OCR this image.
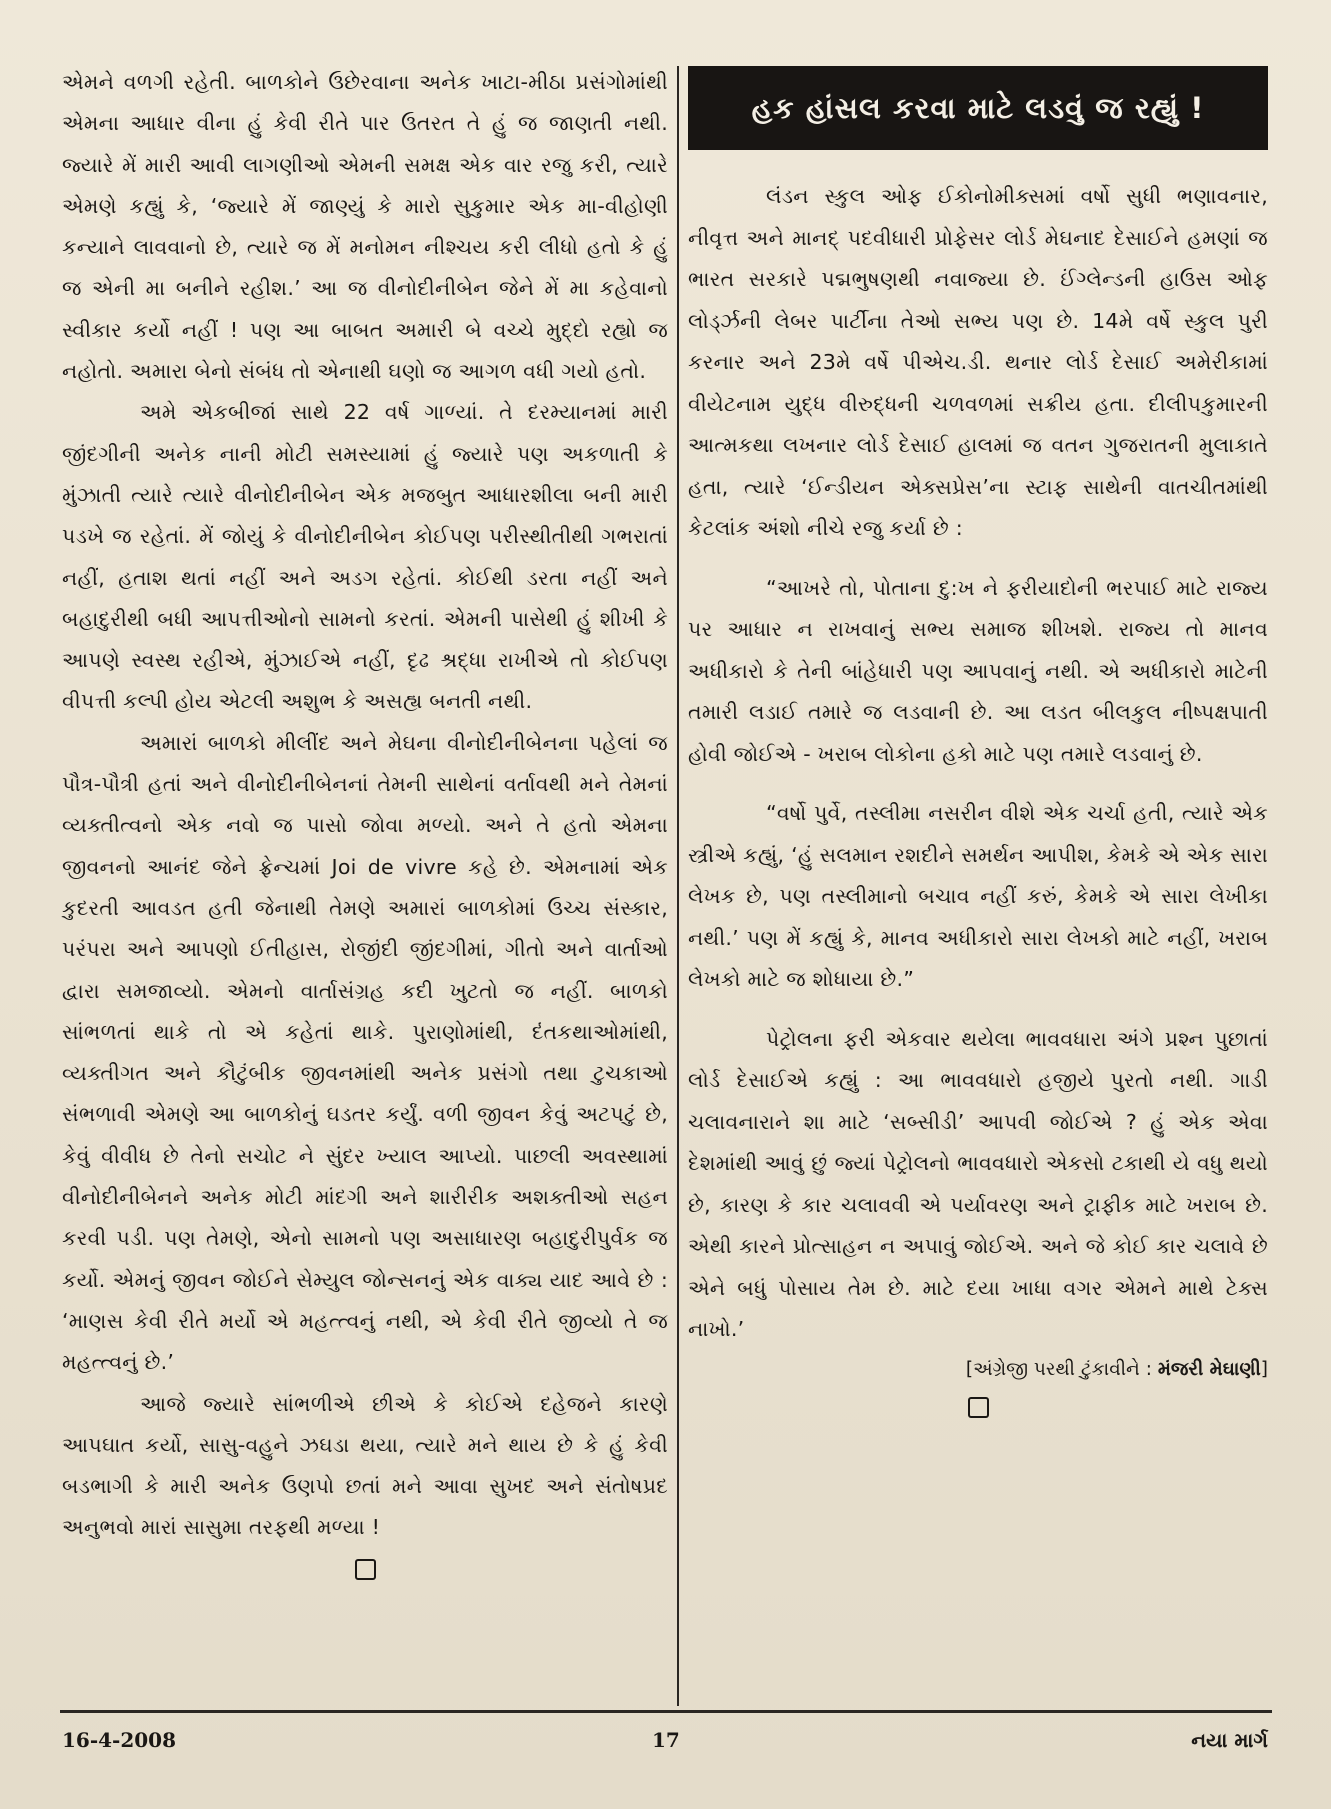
એમને વળગી રહેતી. બાળકોને ઉછેરવાના અનેક ખાટા-મીઠા પ્રસંગોમાંથી એમના આધાર વીના હું કેવી રીતે પાર ઉતરત તે હું જ જાણતી નથી. જ્યારે મેં મારી આવી લાગણીઓ એમની સમક્ષ એક વાર રજુ કરી, ત્યારે એમણે કહ્યું કે, ‘જ્યારે મેં જાણ્યું કે મારો સુકુમાર એક મા-વીહોણી કન્યાને લાવવાનો છે, ત્યારે જ મેં મનોમન નીશ્ચય કરી લીધો હતો કે હું જ એની મા બનીને રહીશ.’ આ જ વીનોદીનીબેન જેને મેં મા કહેવાનો સ્વીકાર કર્યો નહીં ! પણ આ બાબત અમારી બે વચ્ચે મુદ્દો રહ્યો જ નહોતો. અમારા બેનો સંબંધ તો એનાથી ઘણો જ આગળ વધી ગયો હતો.

અમે એકબીજાં સાથે 22 વર્ષ ગાળ્યાં. તે દરમ્યાનમાં મારી જીંદગીની અનેક નાની મોટી સમસ્યામાં હું જ્યારે પણ અકળાતી કે મુંઝાતી ત્યારે ત્યારે વીનોદીનીબેન એક મજબુત આધારશીલા બની મારી પડખે જ રહેતાં. મેં જોયું કે વીનોદીનીબેન કોઈપણ પરીસ્થીતીથી ગભરાતાં નહીં, હતાશ થતાં નહીં અને અડગ રહેતાં. કોઈથી ડરતા નહીં અને બહાદુરીથી બધી આપત્તીઓનો સામનો કરતાં. એમની પાસેથી હું શીખી કે આપણે સ્વસ્થ રહીએ, મુંઝાઈએ નહીં, દૃઢ શ્રદ્ધા રાખીએ તો કોઈપણ વીપત્તી કલ્પી હોય એટલી અશુભ કે અસહ્ય બનતી નથી.

અમારાં બાળકો મીલીંદ અને મેઘના વીનોદીનીબેનના પહેલાં જ પૌત્ર-પૌત્રી હતાં અને વીનોદીનીબેનનાં તેમની સાથેનાં વર્તાવથી મને તેમનાં વ્યક્તીત્વનો એક નવો જ પાસો જોવા મળ્યો. અને તે હતો એમના જીવનનો આનંદ જેને ફ્રેન્ચમાં Joi de vivre કહે છે. એમનામાં એક કુદરતી આવડત હતી જેનાથી તેમણે અમારાં બાળકોમાં ઉચ્ચ સંસ્કાર, પરંપરા અને આપણો ઈતીહાસ, રોજીંદી જીંદગીમાં, ગીતો અને વાર્તાઓ દ્વારા સમજાવ્યો. એમનો વાર્તાસંગ્રહ કદી ખુટતો જ નહીં. બાળકો સાંભળતાં થાકે તો એ કહેતાં થાકે. પુરાણોમાંથી, દંતકથાઓમાંથી, વ્યક્તીગત અને કૌટુંબીક જીવનમાંથી અનેક પ્રસંગો તથા ટુચકાઓ સંભળાવી એમણે આ બાળકોનું ઘડતર કર્યું. વળી જીવન કેવું અટપટું છે, કેવું વીવીધ છે તેનો સચોટ ને સુંદર ખ્યાલ આપ્યો. પાછલી અવસ્થામાં વીનોદીનીબેનને અનેક મોટી માંદગી અને શારીરીક અશક્તીઓ સહન કરવી પડી. પણ તેમણે, એનો સામનો પણ અસાધારણ બહાદુરીપુર્વક જ કર્યો. એમનું જીવન જોઈને સેમ્યુલ જોન્સનનું એક વાક્ય યાદ આવે છે : ‘માણસ કેવી રીતે મર્યો એ મહત્ત્વનું નથી, એ કેવી રીતે જીવ્યો તે જ મહત્ત્વનું છે.’

આજે જ્યારે સાંભળીએ છીએ કે કોઈએ દહેજને કારણે આપઘાત કર્યો, સાસુ-વહુને ઝઘડા થયા, ત્યારે મને થાય છે કે હું કેવી બડભાગી કે મારી અનેક ઉણપો છતાં મને આવા સુખદ અને સંતોષપ્રદ અનુભવો મારાં સાસુમા તરફથી મળ્યા !

હક હાંસલ કરવા માટે લડવું જ રહ્યું !

લંડન સ્કુલ ઓફ ઈકોનોમીક્સમાં વર્ષો સુધી ભણાવનાર, નીવૃત્ત અને માનદ્ પદવીધારી પ્રોફેસર લોર્ડ મેઘનાદ દેસાઈને હમણાં જ ભારત સરકારે પદ્મભુષણથી નવાજ્યા છે. ઈંગ્લેન્ડની હાઉસ ઓફ લોર્ડ્ઝની લેબર પાર્ટીના તેઓ સભ્ય પણ છે. 14મે વર્ષે સ્કુલ પુરી કરનાર અને 23મે વર્ષે પીએચ.ડી. થનાર લોર્ડ દેસાઈ અમેરીકામાં વીયેટનામ યુદ્ધ વીરુદ્ધની ચળવળમાં સક્રીય હતા. દીલીપકુમારની આત્મકથા લખનાર લોર્ડ દેસાઈ હાલમાં જ વતન ગુજરાતની મુલાકાતે હતા, ત્યારે ‘ઈન્ડીયન એક્સપ્રેસ’ના સ્ટાફ સાથેની વાતચીતમાંથી કેટલાંક અંશો નીચે રજુ કર્યા છે :

“આખરે તો, પોતાના દુ:ખ ને ફરીયાદોની ભરપાઈ માટે રાજ્ય પર આધાર ન રાખવાનું સભ્ય સમાજ શીખશે. રાજ્ય તો માનવ અધીકારો કે તેની બાંહેધારી પણ આપવાનું નથી. એ અધીકારો માટેની તમારી લડાઈ તમારે જ લડવાની છે. આ લડત બીલકુલ નીષ્પક્ષપાતી હોવી જોઈએ - ખરાબ લોકોના હકો માટે પણ તમારે લડવાનું છે.

“વર્ષો પુર્વે, તસ્લીમા નસરીન વીશે એક ચર્ચા હતી, ત્યારે એક સ્ત્રીએ કહ્યું, ‘હું સલમાન રશદીને સમર્થન આપીશ, કેમકે એ એક સારા લેખક છે, પણ તસ્લીમાનો બચાવ નહીં કરું, કેમકે એ સારા લેખીકા નથી.’ પણ મેં કહ્યું કે, માનવ અધીકારો સારા લેખકો માટે નહીં, ખરાબ લેખકો માટે જ શોધાયા છે.”

પેટ્રોલના ફરી એકવાર થયેલા ભાવવધારા અંગે પ્રશ્ન પુછાતાં લોર્ડ દેસાઈએ કહ્યું : આ ભાવવધારો હજીયે પુરતો નથી. ગાડી ચલાવનારાને શા માટે ‘સબ્સીડી’ આપવી જોઈએ ? હું એક એવા દેશમાંથી આવું છું જ્યાં પેટ્રોલનો ભાવવધારો એકસો ટકાથી યે વધુ થયો છે, કારણ કે કાર ચલાવવી એ પર્યાવરણ અને ટ્રાફીક માટે ખરાબ છે. એથી કારને પ્રોત્સાહન ન અપાવું જોઈએ. અને જે કોઈ કાર ચલાવે છે એને બધું પોસાય તેમ છે. માટે દયા ખાધા વગર એમને માથે ટેક્સ નાખો.’

[અંગ્રેજી પરથી ટુંકાવીને : મંજરી મેઘાણી]

16-4-2008	17	નયા માર્ગ
